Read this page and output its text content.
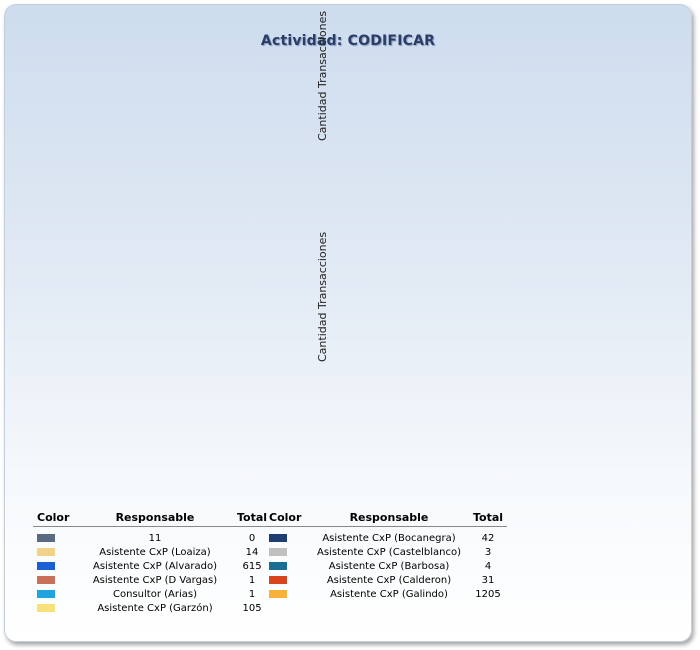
Actividad: CODIFICAR
Cantidad Transacciones
Cantidad Transacciones
Color	Responsable	Total
	11	0
	Asistente CxP (Loaiza)	14
	Asistente CxP (Alvarado)	615
	Asistente CxP (D Vargas)	1
	Consultor (Arias)	1
	Asistente CxP (Garzón)	105
Color	Responsable	Total
	Asistente CxP (Bocanegra)	42
	Asistente CxP (Castelblanco)	3
	Asistente CxP (Barbosa)	4
	Asistente CxP (Calderon)	31
	Asistente CxP (Galindo)	1205
